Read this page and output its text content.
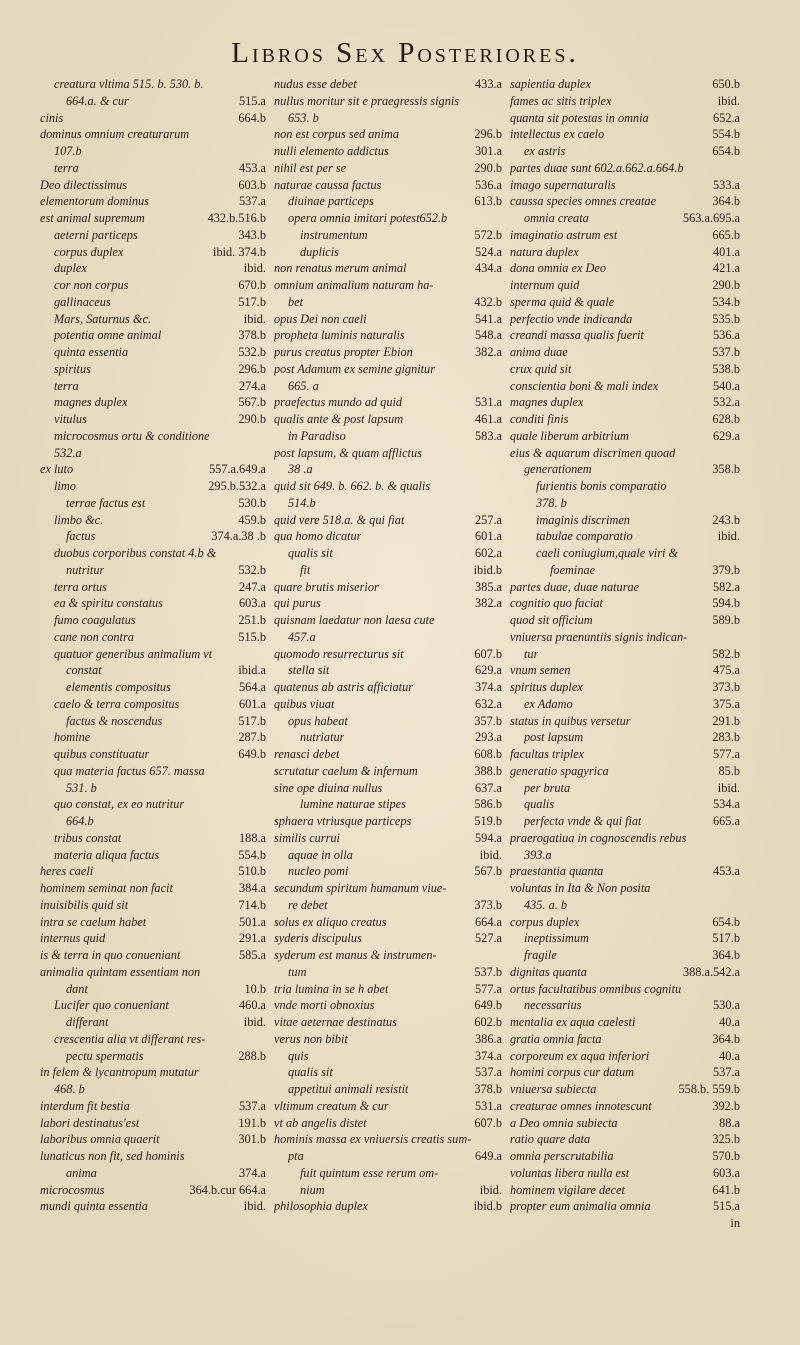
Libros Sex Posteriores.
creatura vltima 515. b. 530. b.
664.a. & cur	515.a
cinis	664.b
dominus omnium creaturarum
107.b
terra	453.a
Deo dilectissimus	603.b
elementorum dominus	537.a
est animal supremum	432.b.516.b
aeterni particeps	343.b
corpus duplex	ibid. 374.b
duplex	ibid.
cor non corpus	670.b
gallinaceus	517.b
Mars, Saturnus &c.	ibid.
potentia omne animal	378.b
quinta essentia	532.b
spiritus	296.b
terra	274.a
magnes duplex	567.b
vitulus	290.b
microcosmus ortu & conditione
532.a
ex luto	557.a.649.a
limo	295.b.532.a
terrae factus est	530.b
limbo &c.	459.b
factus	374.a.38 .b
duobus corporibus constat 4.b &
nutritur	532.b
terra ortus	247.a
ea & spiritu constatus	603.a
fumo coagulatus	251.b
cane non contra	515.b
quatuor generibus animalium vt
constat	ibid.a
elementis compositus	564.a
caelo & terra compositus	601.a
factus & noscendus	517.b
homine	287.b
quibus constituatur	649.b
qua materia factus 657. massa
531. b
quo constat, ex eo nutritur
664.b
tribus constat	188.a
materia aliqua factus	554.b
heres caeli	510.b
hominem seminat non facit	384.a
inuisibilis quid sit	714.b
intra se caelum habet	501.a
internus quid	291.a
is & terra in quo conueniant	585.a
animalia quintam essentiam non
dant	10.b
Lucifer quo conueniant	460.a
differant	ibid.
crescentia alia vt differant res-
pectu spermatis	288.b
in felem & lycantropum mutatur
468. b
interdum fit bestia	537.a
labori destinatus'est	191.b
laboribus omnia quaerit	301.b
lunaticus non fit, sed hominis
anima	374.a
microcosmus	364.b.cur 664.a
mundi quinta essentia	ibid.
nudus esse debet	433.a
nullus moritur sit e praegressis signis
653. b
non est corpus sed anima	296.b
nulli elemento addictus	301.a
nihil est per se	290.b
naturae caussa factus	536.a
diuinae particeps	613.b
opera omnia imitari potest652.b
instrumentum	572.b
duplicis	524.a
non renatus merum animal	434.a
omnium animalium naturam ha-
bet	432.b
opus Dei non caeli	541.a
propheta luminis naturalis	548.a
purus creatus propter Ebion	382.a
post Adamum ex semine gignitur
665. a
praefectus mundo ad quid	531.a
qualis ante & post lapsum	461.a
in Paradiso	583.a
post lapsum, & quam afflictus
38 .a
quid sit 649. b. 662. b. & qualis
514.b
quid vere 518.a. & qui fiat	257.a
qua homo dicatur	601.a
qualis sit	602.a
fit	ibid.b
quare brutis miserior	385.a
qui purus	382.a
quisnam laedatur non laesa cute
457.a
quomodo resurrecturus sit	607.b
stella sit	629.a
quatenus ab astris afficiatur	374.a
quibus viuat	632.a
opus habeat	357.b
nutriatur	293.a
renasci debet	608.b
scrutatur caelum & infernum	388.b
sine ope diuina nullus	637.a
lumine naturae stipes	586.b
sphaera vtriusque particeps	519.b
similis currui	594.a
aquae in olla	ibid.
nucleo pomi	567.b
secundum spiritum humanum viue-
re debet	373.b
solus ex aliquo creatus	664.a
syderis discipulus	527.a
syderum est manus & instrumen-
tum	537.b
tria lumina in se h abet	577.a
vnde morti obnoxius	649.b
vitae aeternae destinatus	602.b
verus non bibit	386.a
quis	374.a
qualis sit	537.a
appetitui animali resistit	378.b
vltimum creatum & cur	531.a
vt ab angelis distet	607.b
hominis massa ex vniuersis creatis sum-
pta	649.a
fuit quintum esse rerum om-
nium	ibid.
philosophia duplex	ibid.b
sapientia duplex	650.b
fames ac sitis triplex	ibid.
quanta sit potestas in omnia	652.a
intellectus ex caelo	554.b
ex astris	654.b
partes duae sunt 602.a.662.a.664.b
imago supernaturalis	533.a
caussa species omnes creatae	364.b
omnia creata	563.a.695.a
imaginatio astrum est	665.b
natura duplex	401.a
dona omnia ex Deo	421.a
internum quid	290.b
sperma quid & quale	534.b
perfectio vnde indicanda	535.b
creandi massa qualis fuerit	536.a
anima duae	537.b
crux quid sit	538.b
conscientia boni & mali index	540.a
magnes duplex	532.a
conditi finis	628.b
quale liberum arbitrium	629.a
eius & aquarum discrimen quoad
generationem	358.b
furientis bonis comparatio
378. b
imaginis discrimen	243.b
tabulae comparatio	ibid.
caeli coniugium,quale viri &
foeminae	379.b
partes duae, duae naturae	582.a
cognitio quo faciat	594.b
quod sit officium	589.b
vniuersa praenuntiis signis indican-
tur	582.b
vnum semen	475.a
spiritus duplex	373.b
ex Adamo	375.a
status in quibus versetur	291.b
post lapsum	283.b
facultas triplex	577.a
generatio spagyrica	85.b
per bruta	ibid.
qualis	534.a
perfecta vnde & qui fiat	665.a
praerogatiua in cognoscendis rebus
393.a
praestantia quanta	453.a
voluntas in Ita & Non posita
435. a. b
corpus duplex	654.b
ineptissimum	517.b
fragile	364.b
dignitas quanta	388.a.542.a
ortus facultatibus omnibus cognitu
necessarius	530.a
mentalia ex aqua caelesti	40.a
gratia omnia facta	364.b
corporeum ex aqua inferiori	40.a
homini corpus cur datum	537.a
vniuersa subiecta	558.b. 559.b
creaturae omnes innotescunt	392.b
a Deo omnia subiecta	88.a
ratio quare data	325.b
omnia perscrutabilia	570.b
voluntas libera nulla est	603.a
hominem vigilare decet	641.b
propter eum animalia omnia	515.a
in
